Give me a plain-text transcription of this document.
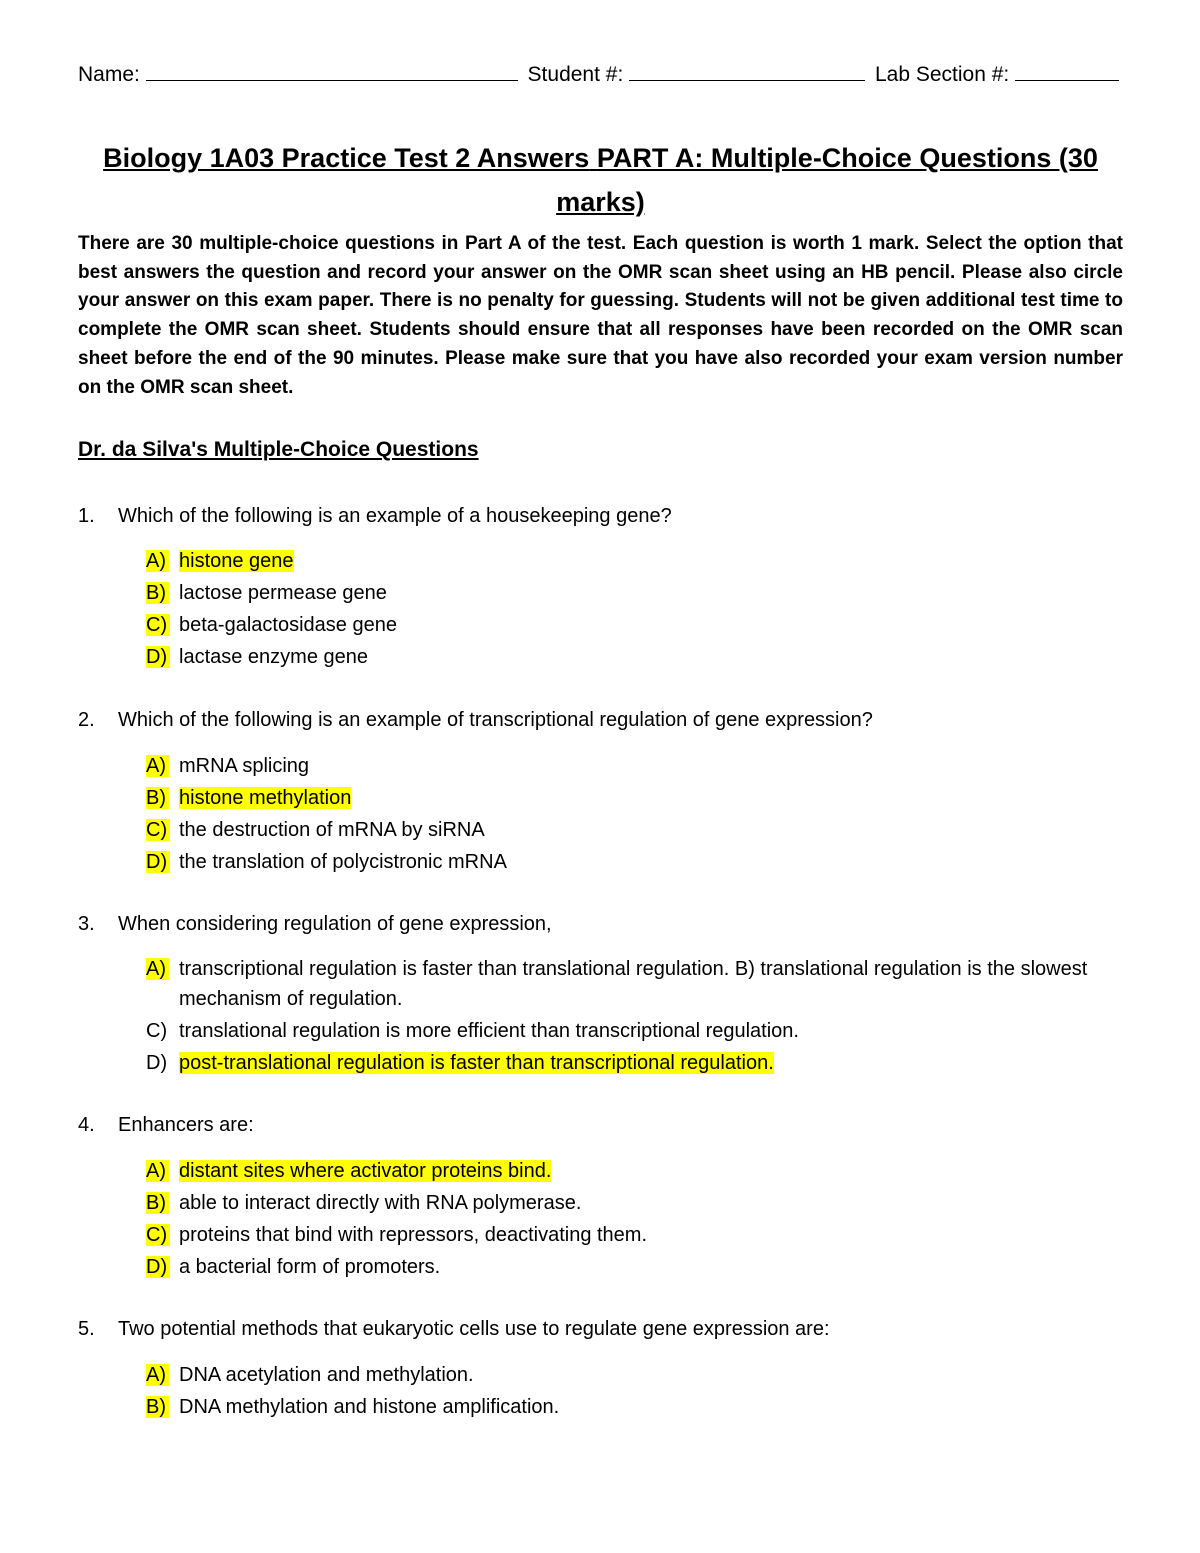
Name:	Student #:	Lab Section #:
Biology 1A03 Practice Test 2 Answers PART A: Multiple-Choice Questions (30 marks)
There are 30 multiple-choice questions in Part A of the test. Each question is worth 1 mark. Select the option that best answers the question and record your answer on the OMR scan sheet using an HB pencil. Please also circle your answer on this exam paper. There is no penalty for guessing. Students will not be given additional test time to complete the OMR scan sheet. Students should ensure that all responses have been recorded on the OMR scan sheet before the end of the 90 minutes. Please make sure that you have also recorded your exam version number on the OMR scan sheet.
Dr. da Silva's Multiple-Choice Questions
1. Which of the following is an example of a housekeeping gene?
A) histone gene
B) lactose permease gene
C) beta-galactosidase gene
D) lactase enzyme gene
2. Which of the following is an example of transcriptional regulation of gene expression?
A) mRNA splicing
B) histone methylation
C) the destruction of mRNA by siRNA
D) the translation of polycistronic mRNA
3. When considering regulation of gene expression,
A) transcriptional regulation is faster than translational regulation. B) translational regulation is the slowest mechanism of regulation.
C) translational regulation is more efficient than transcriptional regulation.
D) post-translational regulation is faster than transcriptional regulation.
4. Enhancers are:
A) distant sites where activator proteins bind.
B) able to interact directly with RNA polymerase.
C) proteins that bind with repressors, deactivating them.
D) a bacterial form of promoters.
5. Two potential methods that eukaryotic cells use to regulate gene expression are:
A) DNA acetylation and methylation.
B) DNA methylation and histone amplification.
